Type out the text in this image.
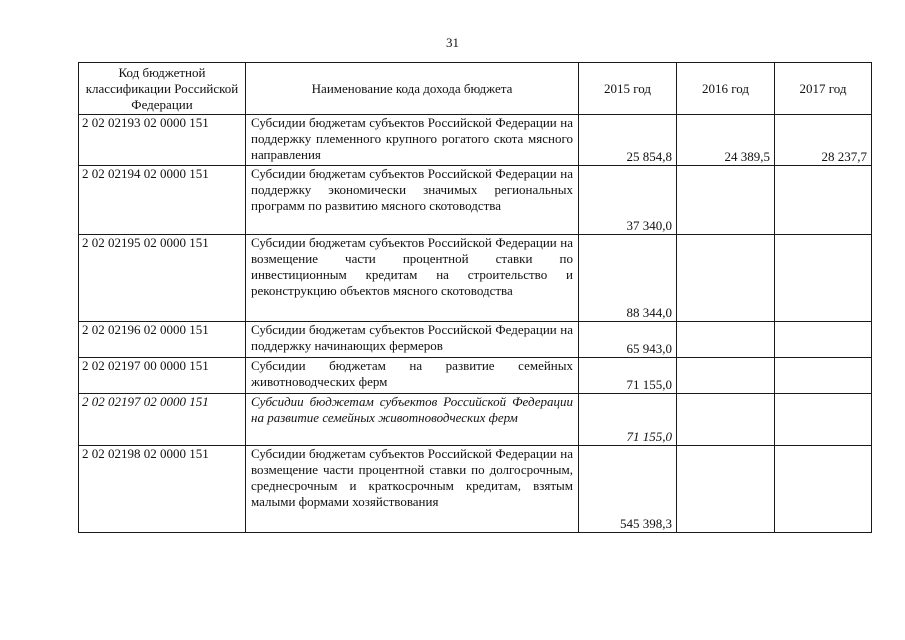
31
Код бюджетной классификации Российской Федерации	Наименование кода дохода бюджета	2015 год	2016 год	2017 год
2 02 02193 02 0000 151	Субсидии бюджетам субъектов Российской Федерации на поддержку племенного крупного рогатого скота мясного направления	25 854,8	24 389,5	28 237,7
2 02 02194 02 0000 151	Субсидии бюджетам субъектов Российской Федерации на поддержку экономически значимых региональных программ по развитию мясного скотоводства	37 340,0		
2 02 02195 02 0000 151	Субсидии бюджетам субъектов Российской Федерации на возмещение части процентной ставки по инвестиционным кредитам на строительство и реконструкцию объектов мясного скотоводства	88 344,0		
2 02 02196 02 0000 151	Субсидии бюджетам субъектов Российской Федерации на поддержку начинающих фермеров	65 943,0		
2 02 02197 00 0000 151	Субсидии бюджетам на развитие семейных животноводческих ферм	71 155,0		
2 02 02197 02 0000 151	Субсидии бюджетам субъектов Российской Федерации на развитие семейных животноводческих ферм	71 155,0		
2 02 02198 02 0000 151	Субсидии бюджетам субъектов Российской Федерации на возмещение части процентной ставки по долгосрочным, среднесрочным и краткосрочным кредитам, взятым малыми формами хозяйствования	545 398,3		
